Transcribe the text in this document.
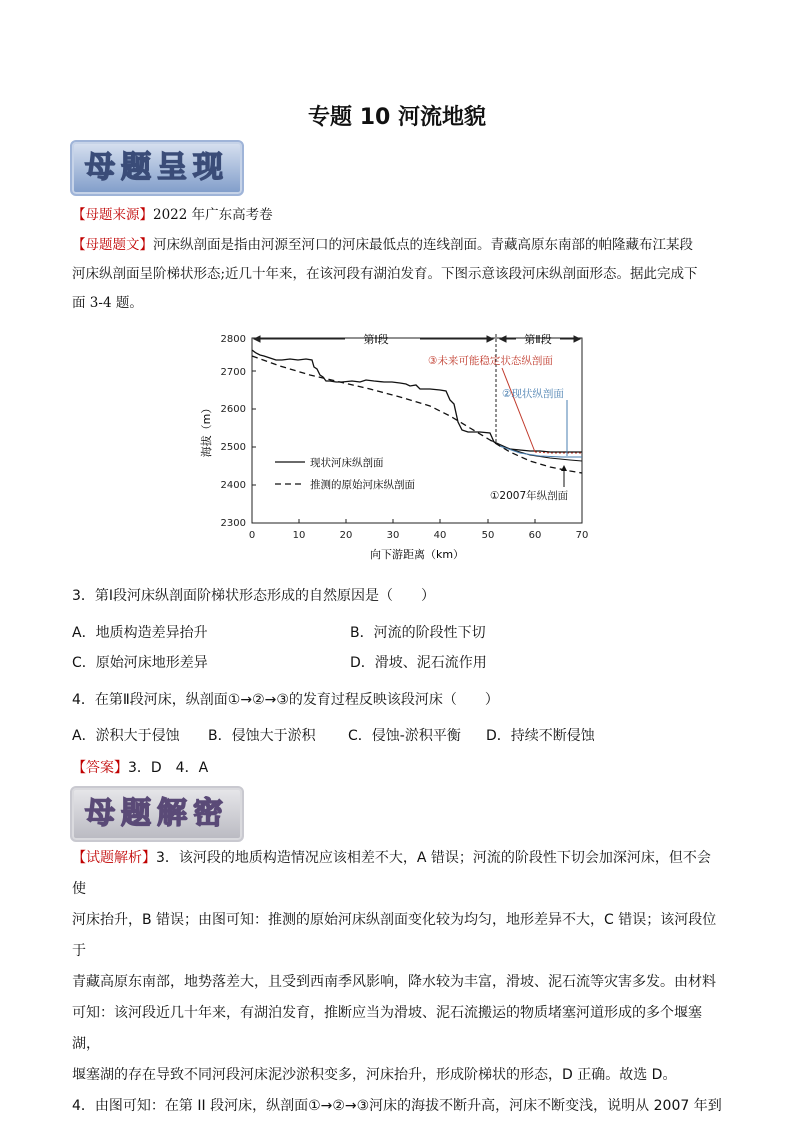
专题 10 河流地貌
母题呈现
【母题来源】2022 年广东高考卷
【母题题文】河床纵剖面是指由河源至河口的河床最低点的连线剖面。青藏高原东南部的帕隆藏布江某段
河床纵剖面呈阶梯状形态;近几十年来，在该河段有湖泊发育。下图示意该段河床纵剖面形态。据此完成下
面 3-4 题。
2800
2700
2600
2500
2400
2300
0	10	20	30	40	50	60	70
海拔（m）
向下游距离（km）
第Ⅰ段	第Ⅱ段
③未来可能稳定状态纵剖面
②现状纵剖面
①2007年纵剖面
现状河床纵剖面
推测的原始河床纵剖面
3．第Ⅰ段河床纵剖面阶梯状形态形成的自然原因是（　　）
A．地质构造差异抬升	B．河流的阶段性下切
C．原始河床地形差异	D．滑坡、泥石流作用
4．在第Ⅱ段河床，纵剖面①→②→③的发育过程反映该段河床（　　）
A．淤积大于侵蚀 B．侵蚀大于淤积 C．侵蚀-淤积平衡 D．持续不断侵蚀
【答案】3．D　4．A
母题解密
【试题解析】3．该河段的地质构造情况应该相差不大，A 错误；河流的阶段性下切会加深河床，但不会使
河床抬升，B 错误；由图可知：推测的原始河床纵剖面变化较为均匀，地形差异不大，C 错误；该河段位于
青藏高原东南部，地势落差大，且受到西南季风影响，降水较为丰富，滑坡、泥石流等灾害多发。由材料
可知：该河段近几十年来，有湖泊发育，推断应当为滑坡、泥石流搬运的物质堵塞河道形成的多个堰塞湖，
堰塞湖的存在导致不同河段河床泥沙淤积变多，河床抬升，形成阶梯状的形态，D 正确。故选 D。
4．由图可知：在第 II 段河床，纵剖面①→②→③河床的海拔不断升高，河床不断变浅，说明从 2007 年到
